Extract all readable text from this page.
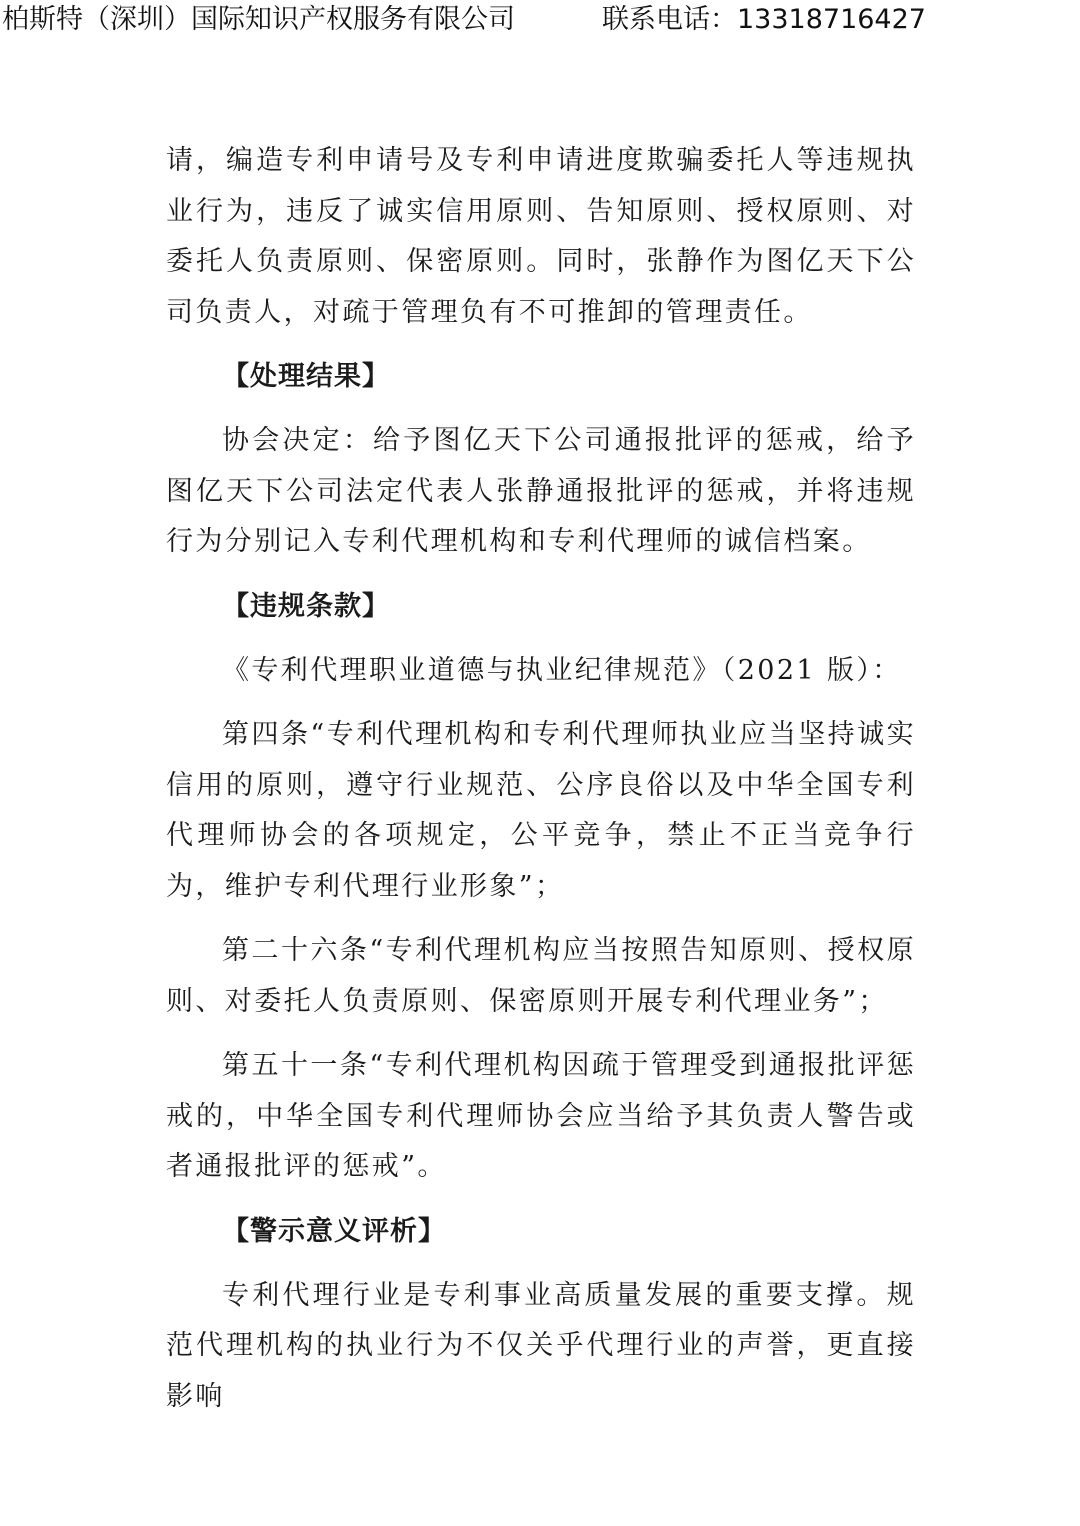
柏斯特（深圳）国际知识产权服务有限公司	联系电话：13318716427

请，编造专利申请号及专利申请进度欺骗委托人等违规执业行为，违反了诚实信用原则、告知原则、授权原则、对委托人负责原则、保密原则。同时，张静作为图亿天下公司负责人，对疏于管理负有不可推卸的管理责任。

【处理结果】

协会决定：给予图亿天下公司通报批评的惩戒，给予图亿天下公司法定代表人张静通报批评的惩戒，并将违规行为分别记入专利代理机构和专利代理师的诚信档案。

【违规条款】

《专利代理职业道德与执业纪律规范》（2021 版）：

第四条“专利代理机构和专利代理师执业应当坚持诚实信用的原则，遵守行业规范、公序良俗以及中华全国专利代理师协会的各项规定，公平竞争，禁止不正当竞争行为，维护专利代理行业形象”；

第二十六条“专利代理机构应当按照告知原则、授权原则、对委托人负责原则、保密原则开展专利代理业务”；

第五十一条“专利代理机构因疏于管理受到通报批评惩戒的，中华全国专利代理师协会应当给予其负责人警告或者通报批评的惩戒”。

【警示意义评析】

专利代理行业是专利事业高质量发展的重要支撑。规范代理机构的执业行为不仅关乎代理行业的声誉，更直接影响
